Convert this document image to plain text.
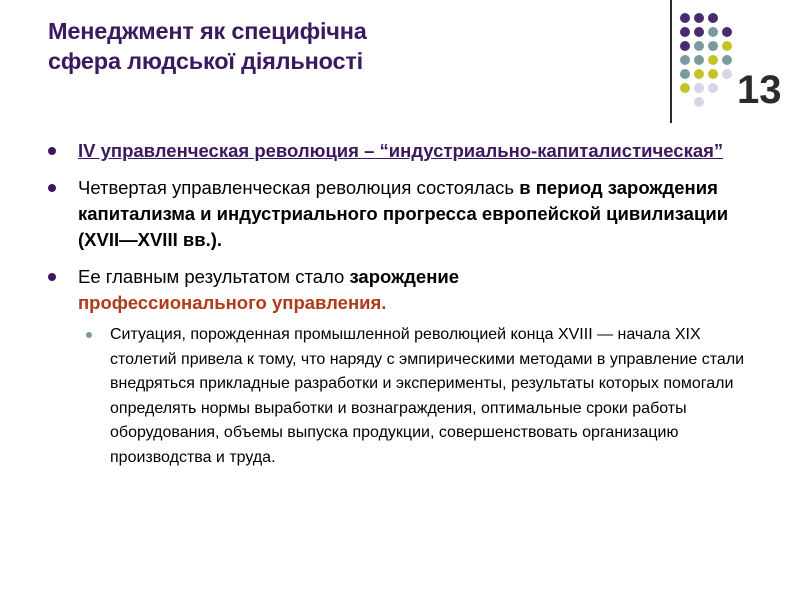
Менеджмент як специфічна
сфера людської діяльності
13
IV управленческая революция – “индустриально-капиталистическая”
Четвертая управленческая революция состоялась в период зарождения капитализма и индустриального прогресса европейской цивилизации (XVII—XVIII вв.).
Ее главным результатом стало зарождение
профессионального управления.
Ситуация, порожденная промышленной революцией конца XVIII — начала XIX столетий привела к тому, что наряду с эмпирическими методами в управление стали внедряться прикладные разработки и эксперименты, результаты которых помогали определять нормы выработки и вознаграждения, оптимальные сроки работы оборудования, объемы выпуска продукции, совершенствовать организацию производства и труда.
